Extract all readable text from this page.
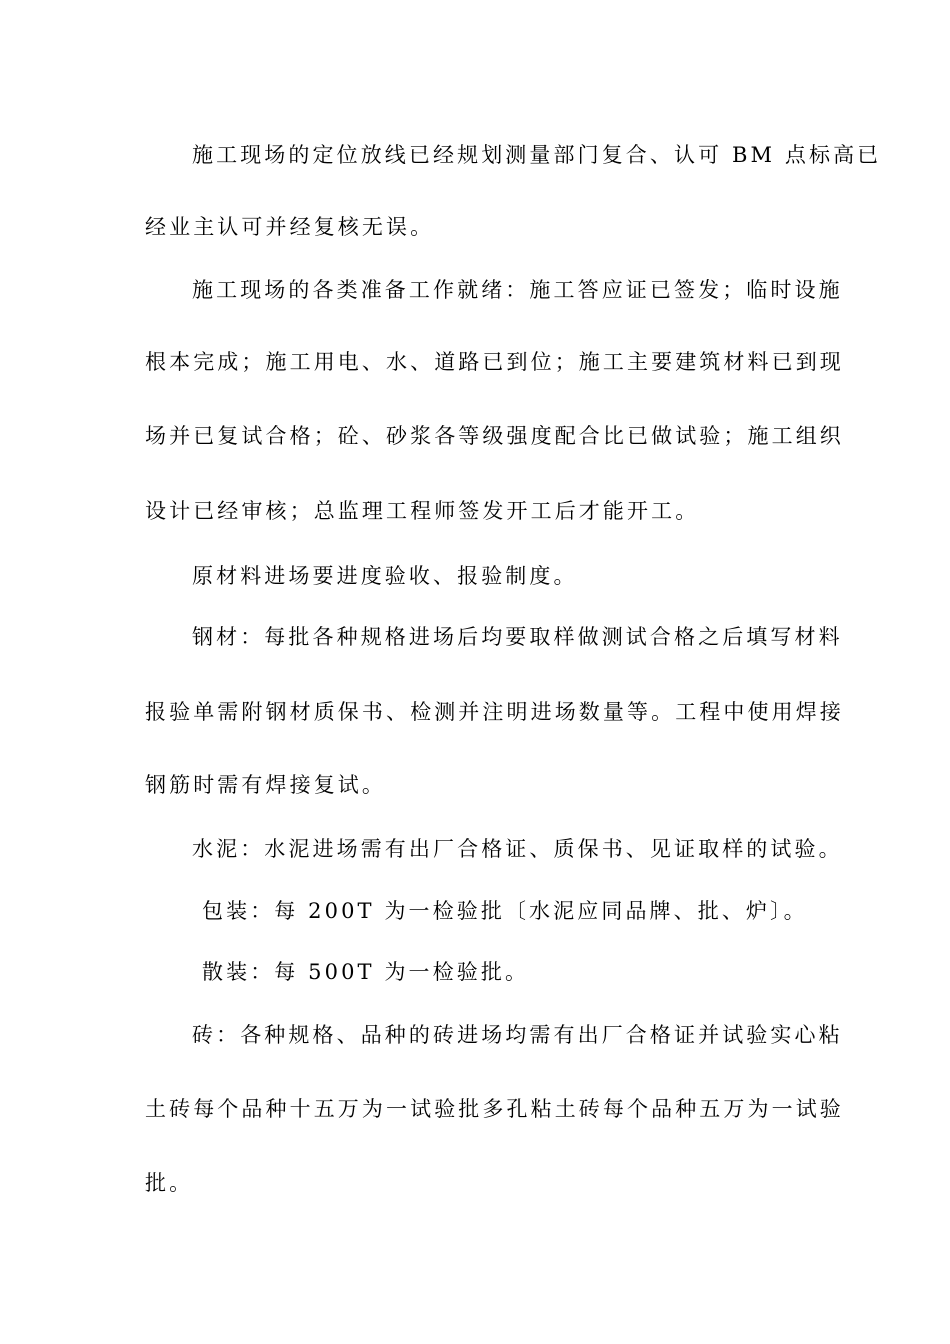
施工现场的定位放线已经规划测量部门复合、认可 BM 点标高已
经业主认可并经复核无误。
施工现场的各类准备工作就绪：施工答应证已签发；临时设施
根本完成；施工用电、水、道路已到位；施工主要建筑材料已到现
场并已复试合格；砼、砂浆各等级强度配合比已做试验；施工组织
设计已经审核；总监理工程师签发开工后才能开工。
原材料进场要进度验收、报验制度。
钢材：每批各种规格进场后均要取样做测试合格之后填写材料
报验单需附钢材质保书、检测并注明进场数量等。工程中使用焊接
钢筋时需有焊接复试。
水泥：水泥进场需有出厂合格证、质保书、见证取样的试验。
包装：每 200T 为一检验批〔水泥应同品牌、批、炉〕。
散装：每 500T 为一检验批。
砖：各种规格、品种的砖进场均需有出厂合格证并试验实心粘
土砖每个品种十五万为一试验批多孔粘土砖每个品种五万为一试验
批。
